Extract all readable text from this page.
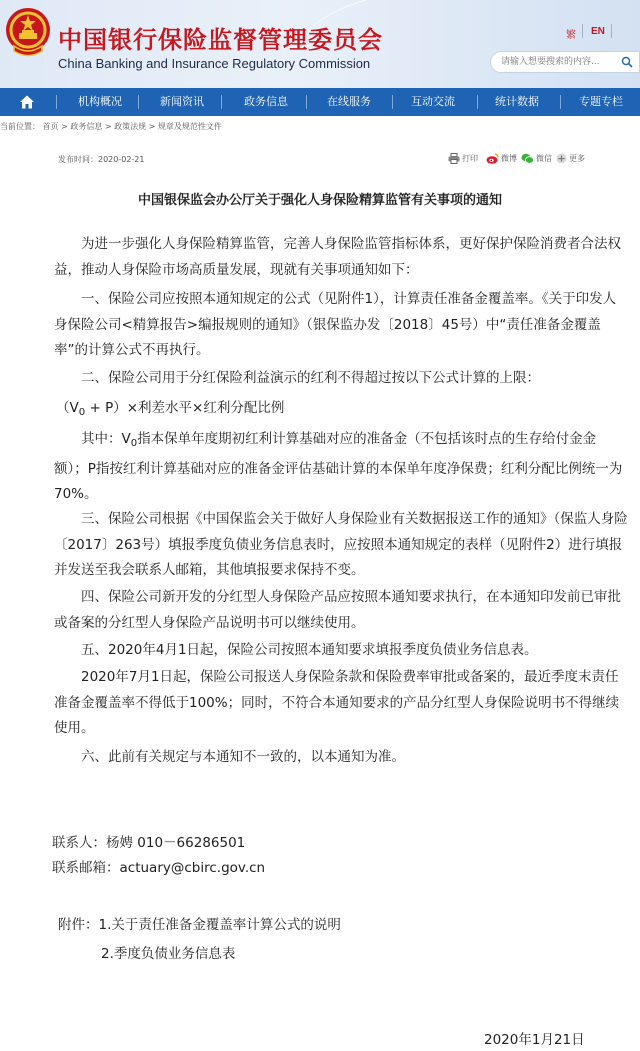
中国银行保险监督管理委员会
China Banking and Insurance Regulatory Commission
繁 EN
请输入想要搜索的内容...
机构概况	新闻资讯	政务信息	在线服务	互动交流	统计数据	专题专栏
当前位置： 首页 > 政务信息 > 政策法规 > 规章及规范性文件
发布时间：2020-02-21	打印	微博 微信 更多
中国银保监会办公厅关于强化人身保险精算监管有关事项的通知
为进一步强化人身保险精算监管，完善人身保险监管指标体系，更好保护保险消费者合法权益，推动人身保险市场高质量发展，现就有关事项通知如下：
一、保险公司应按照本通知规定的公式（见附件1），计算责任准备金覆盖率。《关于印发人身保险公司<精算报告>编报规则的通知》（银保监办发〔2018〕45号）中“责任准备金覆盖率”的计算公式不再执行。
二、保险公司用于分红保险利益演示的红利不得超过按以下公式计算的上限：
$(V_0 + P)\times$利差水平×红利分配比例
其中：$V_0$指本保单年度期初红利计算基础对应的准备金（不包括该时点的生存给付金金额）；P指按红利计算基础对应的准备金评估基础计算的本保单年度净保费；红利分配比例统一为70%。
三、保险公司根据《中国保监会关于做好人身保险业有关数据报送工作的通知》（保监人身险〔2017〕263号）填报季度负债业务信息表时，应按照本通知规定的表样（见附件2）进行填报并发送至我会联系人邮箱，其他填报要求保持不变。
四、保险公司新开发的分红型人身保险产品应按照本通知要求执行，在本通知印发前已审批或备案的分红型人身保险产品说明书可以继续使用。
五、2020年4月1日起，保险公司按照本通知要求填报季度负债业务信息表。
2020年7月1日起，保险公司报送人身保险条款和保险费率审批或备案的，最近季度末责任准备金覆盖率不得低于100%；同时，不符合本通知要求的产品分红型人身保险说明书不得继续使用。
六、此前有关规定与本通知不一致的，以本通知为准。
联系人：杨娉 010－66286501
联系邮箱：actuary@cbirc.gov.cn
附件：1.关于责任准备金覆盖率计算公式的说明
2.季度负债业务信息表
2020年1月21日
